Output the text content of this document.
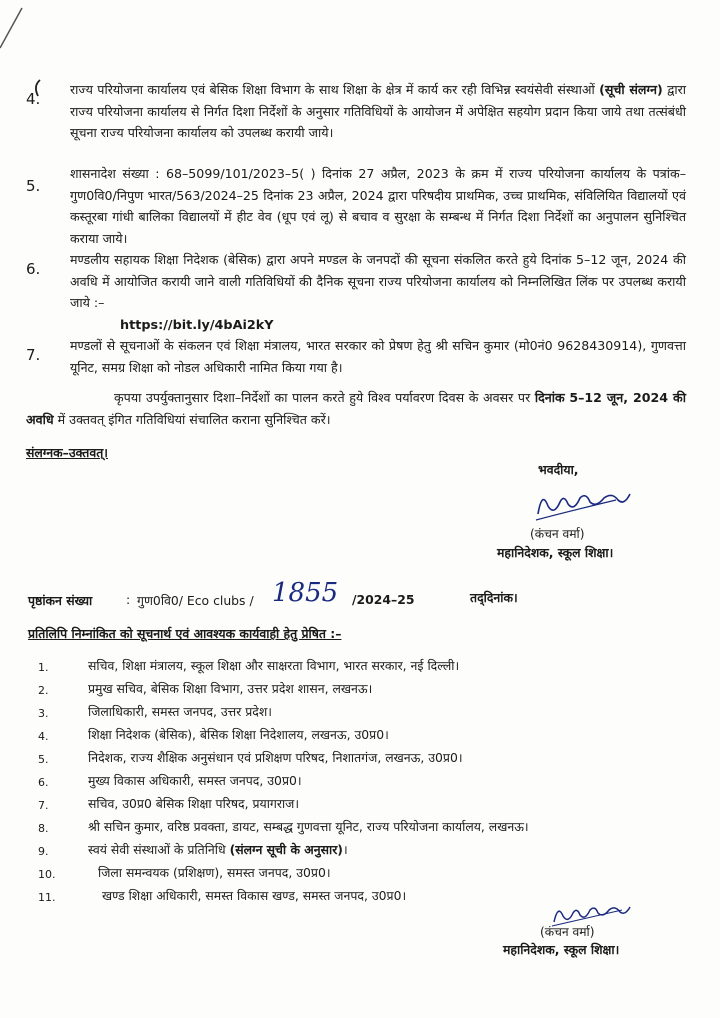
4.
राज्य परियोजना कार्यालय एवं बेसिक शिक्षा विभाग के साथ शिक्षा के क्षेत्र में कार्य कर रही विभिन्न स्वयंसेवी संस्थाओं (सूची संलग्न) द्वारा राज्य परियोजना कार्यालय से निर्गत दिशा निर्देशों के अनुसार गतिविधियों के आयोजन में अपेक्षित सहयोग प्रदान किया जाये तथा तत्संबंधी सूचना राज्य परियोजना कार्यालय को उपलब्ध करायी जाये।
5.
शासनादेश संख्या : 68–5099/101/2023–5( ) दिनांक 27 अप्रैल, 2023 के क्रम में राज्य परियोजना कार्यालय के पत्रांक–गुण0वि0/निपुण भारत/563/2024–25 दिनांक 23 अप्रैल, 2024 द्वारा परिषदीय प्राथमिक, उच्च प्राथमिक, संविलियित विद्यालयों एवं कस्तूरबा गांधी बालिका विद्यालयों में हीट वेव (धूप एवं लू) से बचाव व सुरक्षा के सम्बन्ध में निर्गत दिशा निर्देशों का अनुपालन सुनिश्चित कराया जाये।
6.
मण्डलीय सहायक शिक्षा निदेशक (बेसिक) द्वारा अपने मण्डल के जनपदों की सूचना संकलित करते हुये दिनांक 5–12 जून, 2024 की अवधि में आयोजित करायी जाने वाली गतिविधियों की दैनिक सूचना राज्य परियोजना कार्यालय को निम्नलिखित लिंक पर उपलब्ध करायी जाये :–
https://bit.ly/4bAi2kY
7.
मण्डलों से सूचनाओं के संकलन एवं शिक्षा मंत्रालय, भारत सरकार को प्रेषण हेतु श्री सचिन कुमार (मो0नं0 9628430914), गुणवत्ता यूनिट, समग्र शिक्षा को नोडल अधिकारी नामित किया गया है।
कृपया उपर्युक्तानुसार दिशा–निर्देशों का पालन करते हुये विश्व पर्यावरण दिवस के अवसर पर दिनांक 5–12 जून, 2024 की अवधि में उक्तवत् इंगित गतिविधियां संचालित कराना सुनिश्चित करें।
संलग्नक–उक्तवत्।
भवदीया,
(कंचन वर्मा)
महानिदेशक, स्कूल शिक्षा।
पृष्ठांकन संख्या	: गुण0वि0/ Eco clubs / 1855 /2024–25	तद्‌दिनांक।
प्रतिलिपि निम्नांकित को सूचनार्थ एवं आवश्यक कार्यवाही हेतु प्रेषित :–
1.	सचिव, शिक्षा मंत्रालय, स्कूल शिक्षा और साक्षरता विभाग, भारत सरकार, नई दिल्ली।
2.	प्रमुख सचिव, बेसिक शिक्षा विभाग, उत्तर प्रदेश शासन, लखनऊ।
3.	जिलाधिकारी, समस्त जनपद, उत्तर प्रदेश।
4.	शिक्षा निदेशक (बेसिक), बेसिक शिक्षा निदेशालय, लखनऊ, उ0प्र0।
5.	निदेशक, राज्य शैक्षिक अनुसंधान एवं प्रशिक्षण परिषद, निशातगंज, लखनऊ, उ0प्र0।
6.	मुख्य विकास अधिकारी, समस्त जनपद, उ0प्र0।
7.	सचिव, उ0प्र0 बेसिक शिक्षा परिषद, प्रयागराज।
8.	श्री सचिन कुमार, वरिष्ठ प्रवक्ता, डायट, सम्बद्ध गुणवत्ता यूनिट, राज्य परियोजना कार्यालय, लखनऊ।
9.	स्वयं सेवी संस्थाओं के प्रतिनिधि (संलग्न सूची के अनुसार)।
10.	जिला समन्वयक (प्रशिक्षण), समस्त जनपद, उ0प्र0।
11.	खण्ड शिक्षा अधिकारी, समस्त विकास खण्ड, समस्त जनपद, उ0प्र0।
(कंचन वर्मा)
महानिदेशक, स्कूल शिक्षा।
